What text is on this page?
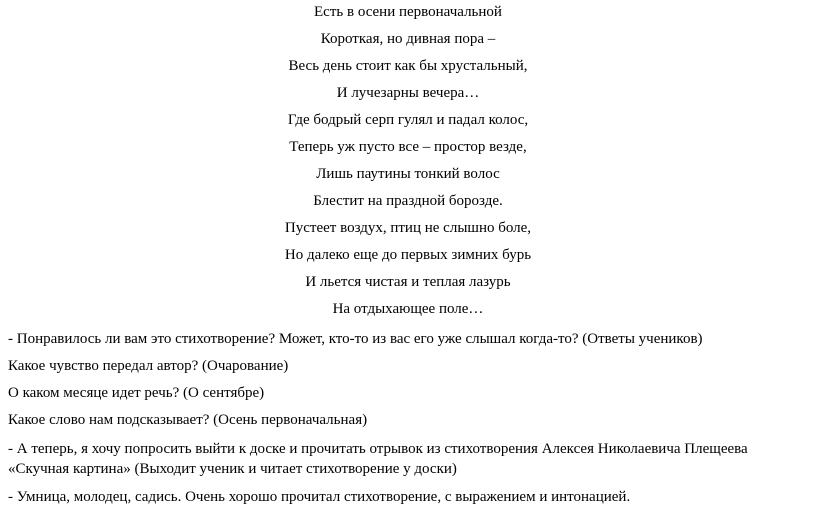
Есть в осени первоначальной
Короткая, но дивная пора –
Весь день стоит как бы хрустальный,
И лучезарны вечера…
Где бодрый серп гулял и падал колос,
Теперь уж пусто все – простор везде,
Лишь паутины тонкий волос
Блестит на праздной борозде.
Пустеет воздух, птиц не слышно боле,
Но далеко еще до первых зимних бурь
И льется чистая и теплая лазурь
На отдыхающее поле…
- Понравилось ли вам это стихотворение? Может, кто-то из вас его уже слышал когда-то? (Ответы учеников)
Какое чувство передал автор? (Очарование)
О каком месяце идет речь? (О сентябре)
Какое слово нам подсказывает? (Осень первоначальная)
- А теперь, я хочу попросить выйти к доске и прочитать отрывок из стихотворения Алексея Николаевича Плещеева
«Скучная картина» (Выходит ученик и читает стихотворение у доски)
- Умница, молодец, садись. Очень хорошо прочитал стихотворение, с выражением и интонацией.
